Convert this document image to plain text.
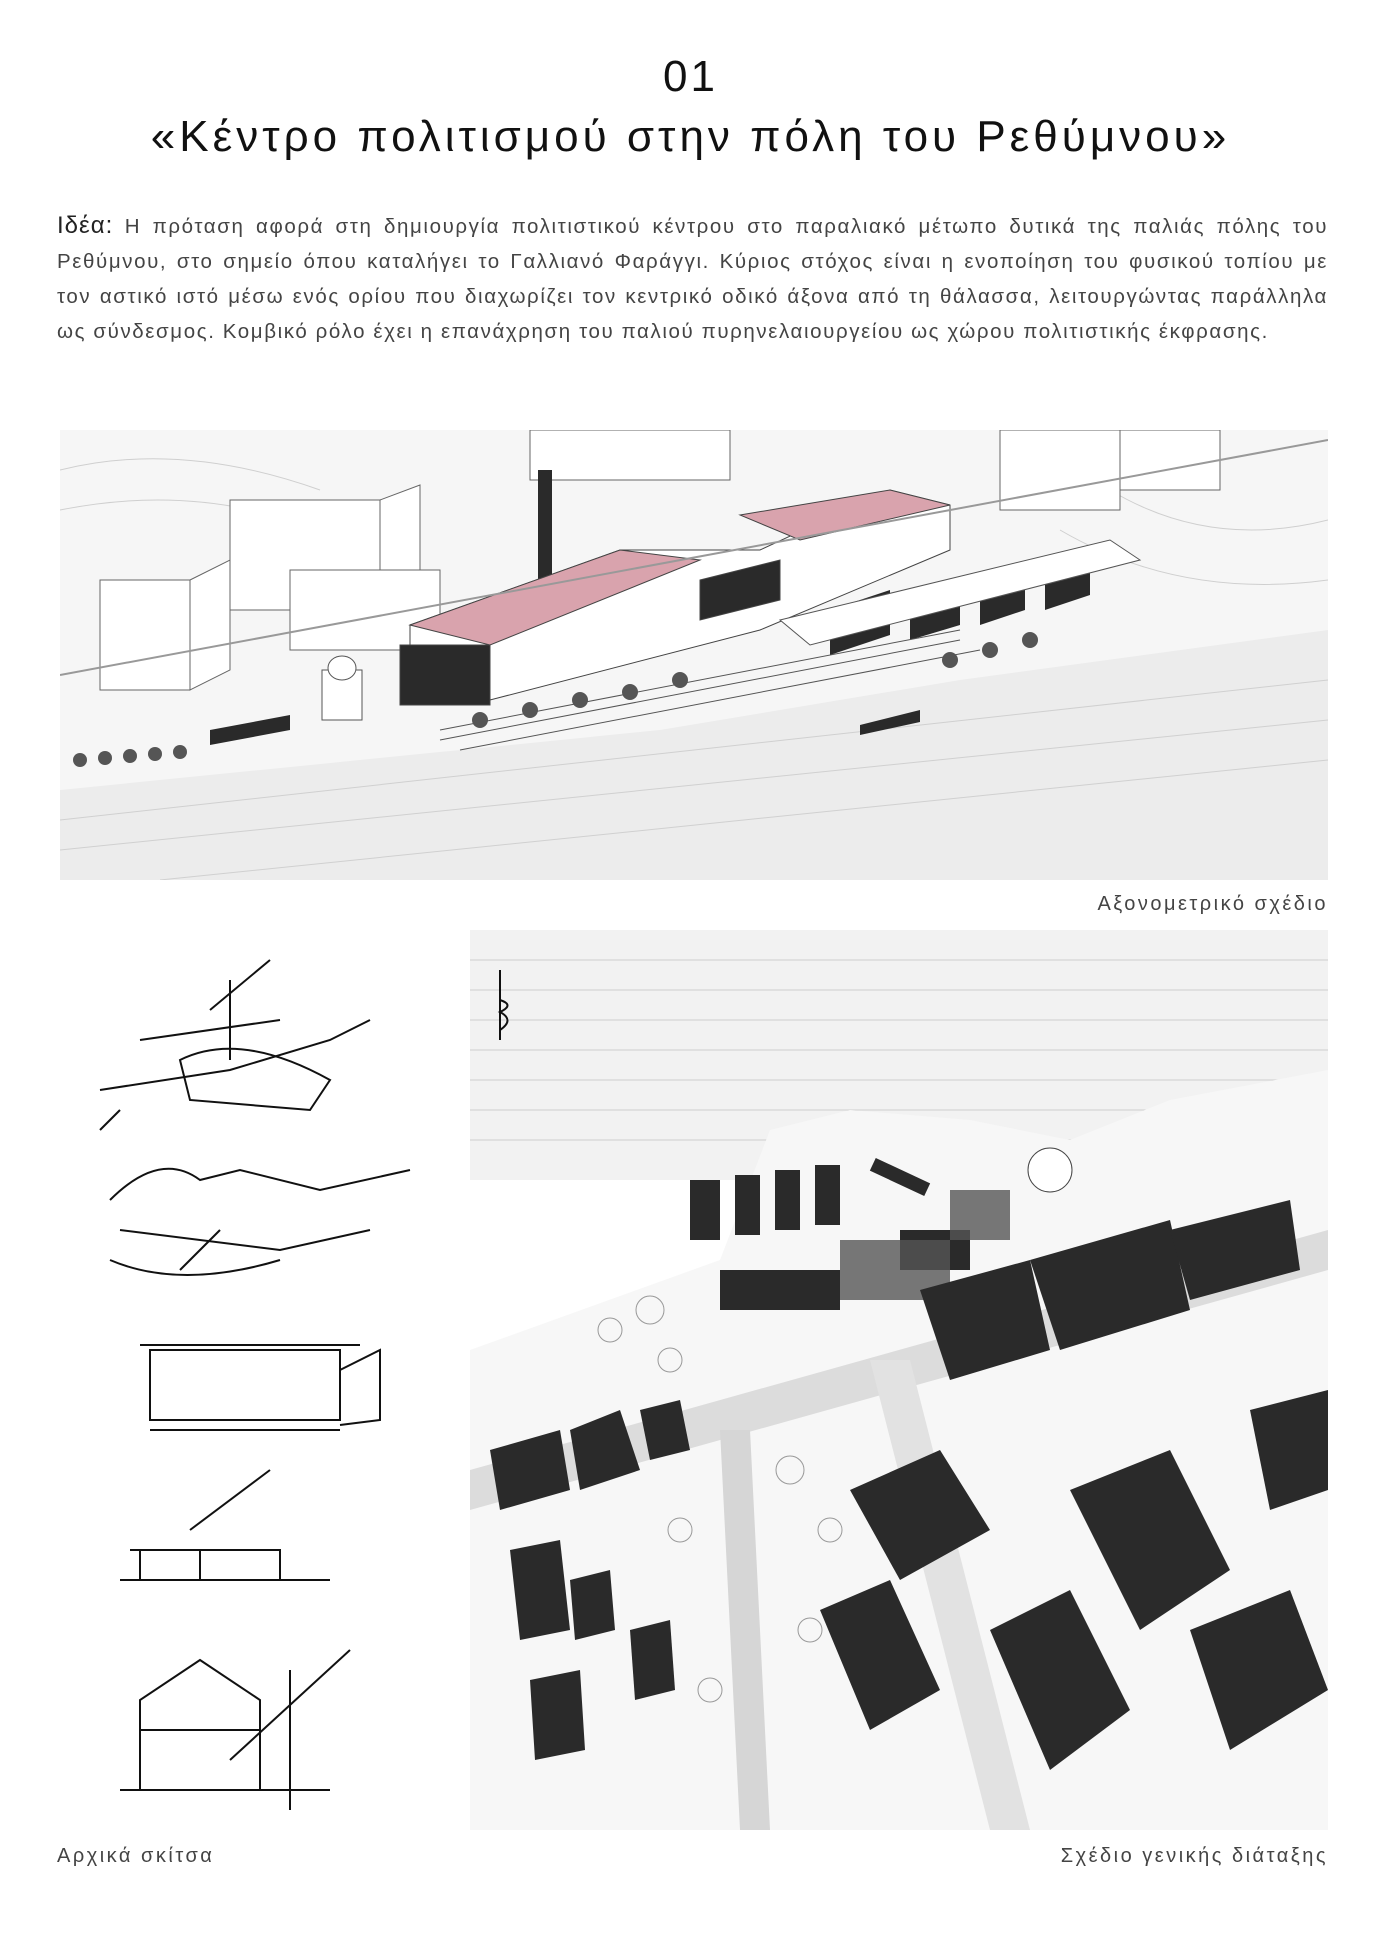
01
«Κέντρο πολιτισμού στην πόλη του Ρεθύμνου»
Ιδέα: Η πρόταση αφορά στη δημιουργία πολιτιστικού κέντρου στο παραλιακό μέτωπο δυτικά της παλιάς πόλης του Ρεθύμνου, στο σημείο όπου καταλήγει το Γαλλιανό Φαράγγι. Κύριος στόχος είναι η ενοποίηση του φυσικού τοπίου με τον αστικό ιστό μέσω ενός ορίου που διαχωρίζει τον κεντρικό οδικό άξονα από τη θάλασσα, λειτουργώντας παράλληλα ως σύνδεσμος. Κομβικό ρόλο έχει η επανάχρηση του παλιού πυρηνελαιουργείου ως χώρου πολιτιστικής έκφρασης.
Αξονομετρικό σχέδιο
Αρχικά σκίτσα	Σχέδιο γενικής διάταξης
